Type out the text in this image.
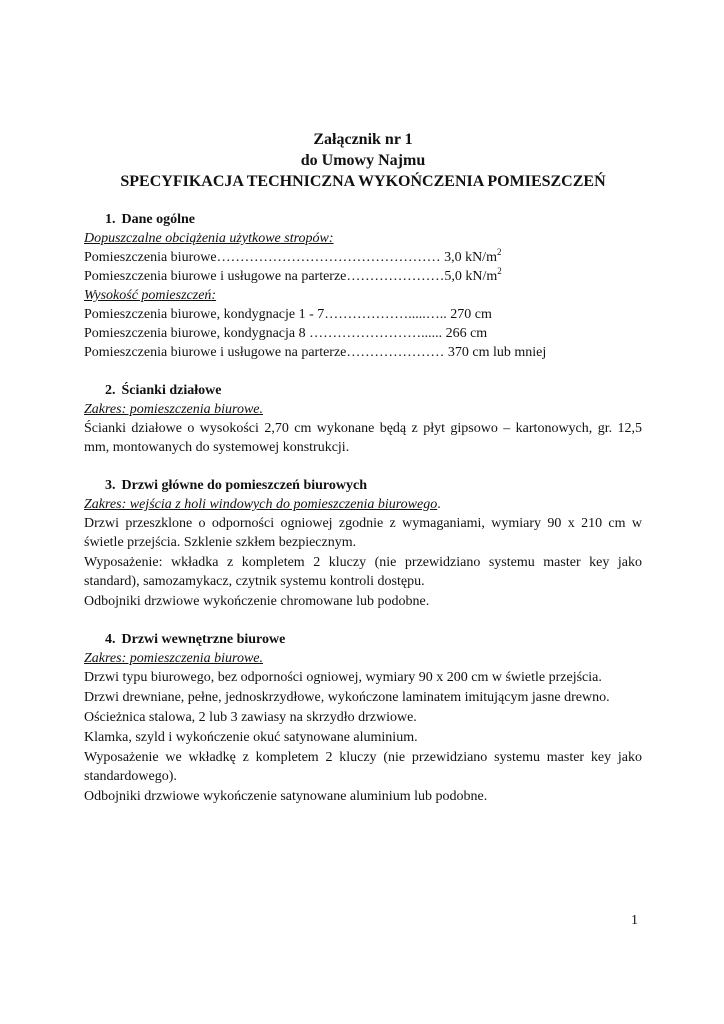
Załącznik nr 1
do Umowy Najmu
SPECYFIKACJA TECHNICZNA WYKOŃCZENIA POMIESZCZEŃ
1. Dane ogólne
Dopuszczalne obciążenia użytkowe stropów:
Pomieszczenia biurowe………………………………………… 3,0 $kN/m^2$
Pomieszczenia biurowe i usługowe na parterze…………………5,0 $kN/m^2$
Wysokość pomieszczeń:
Pomieszczenia biurowe, kondygnacje 1 - 7……………….....….. 270 cm
Pomieszczenia biurowe, kondygnacja 8 ……………………...... 266 cm
Pomieszczenia biurowe i usługowe na parterze………………… 370 cm lub mniej
2. Ścianki działowe
Zakres: pomieszczenia biurowe.

Ścianki działowe o wysokości 2,70 cm wykonane będą z płyt gipsowo – kartonowych, gr. 12,5 mm, montowanych do systemowej konstrukcji.

3. Drzwi główne do pomieszczeń biurowych
Zakres: wejścia z holi windowych do pomieszczenia biurowego.

Drzwi przeszklone o odporności ogniowej zgodnie z wymaganiami, wymiary 90 x 210 cm w świetle przejścia. Szklenie szkłem bezpiecznym.

Wyposażenie: wkładka z kompletem 2 kluczy (nie przewidziano systemu master key jako standard), samozamykacz, czytnik systemu kontroli dostępu.

Odbojniki drzwiowe wykończenie chromowane lub podobne.

4. Drzwi wewnętrzne biurowe
Zakres: pomieszczenia biurowe.

Drzwi typu biurowego, bez odporności ogniowej, wymiary 90 x 200 cm w świetle przejścia.

Drzwi drewniane, pełne, jednoskrzydłowe, wykończone laminatem imitującym jasne drewno.

Ościeżnica stalowa, 2 lub 3 zawiasy na skrzydło drzwiowe.

Klamka, szyld i wykończenie okuć satynowane aluminium.

Wyposażenie we wkładkę z kompletem 2 kluczy (nie przewidziano systemu master key jako standardowego).

Odbojniki drzwiowe wykończenie satynowane aluminium lub podobne.

1
